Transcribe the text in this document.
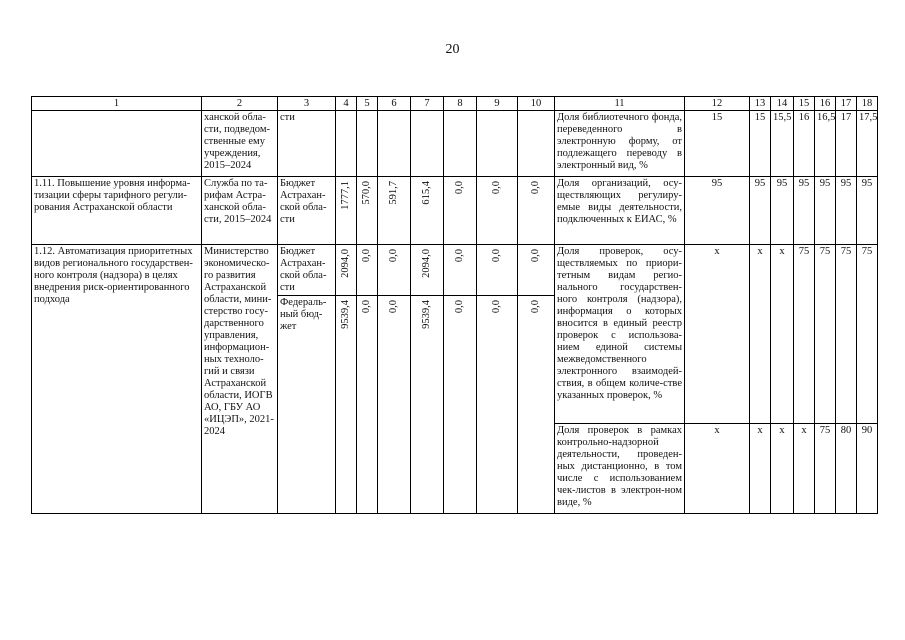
20
1	2	3	4	5	6	7	8	9	10	11	12	13	14	15	16	17	18
	ханской обла-сти, подведом-ственные ему учреждения, 2015–2024	сти								Доля библиотечного фонда, переведенного в электронную форму, от подлежащего переводу в электронный вид, %	15	15	15,5	16	16,5	17	17,5
1.11. Повышение уровня информа-тизации сферы тарифного регули-рования Астраханской области	Служба по та-рифам Астра-ханской обла-сти, 2015–2024	Бюджет Астрахан-ской обла-сти	1777,1	570,0	591,7	615,4	0,0	0,0	0,0	Доля организаций, осу-ществляющих регулиру-емые виды деятельности, подключенных к ЕИАС, %	95	95	95	95	95	95	95
1.12. Автоматизация приоритетных видов регионального государствен-ного контроля (надзора) в целях внедрения риск-ориентированного подхода	Министерство экономическо-го развития Астраханской области, мини-стерство госу-дарственного управления, информацион-ных техноло-гий и связи Астраханской области, ИОГВ АО, ГБУ АО «ИЦЭП», 2021-2024	Бюджет Астрахан-ской обла-сти	2094,0	0,0	0,0	2094,0	0,0	0,0	0,0	Доля проверок, осу-ществляемых по приори-тетным видам регио-нального государствен-ного контроля (надзора), информация о которых вносится в единый реестр проверок с использова-нием единой системы межведомственного электронного взаимодей-ствия, в общем количе-стве указанных проверок, %	х	х	х	75	75	75	75
		Федераль-ный бюд-жет	9539,4	0,0	0,0	9539,4	0,0	0,0	0,0								

										Доля проверок в рамках контрольно-надзорной деятельности, проведен-ных дистанционно, в том числе с использованием чек-листов в электрон-ном виде, %	х	х	х	х	75	80	90
